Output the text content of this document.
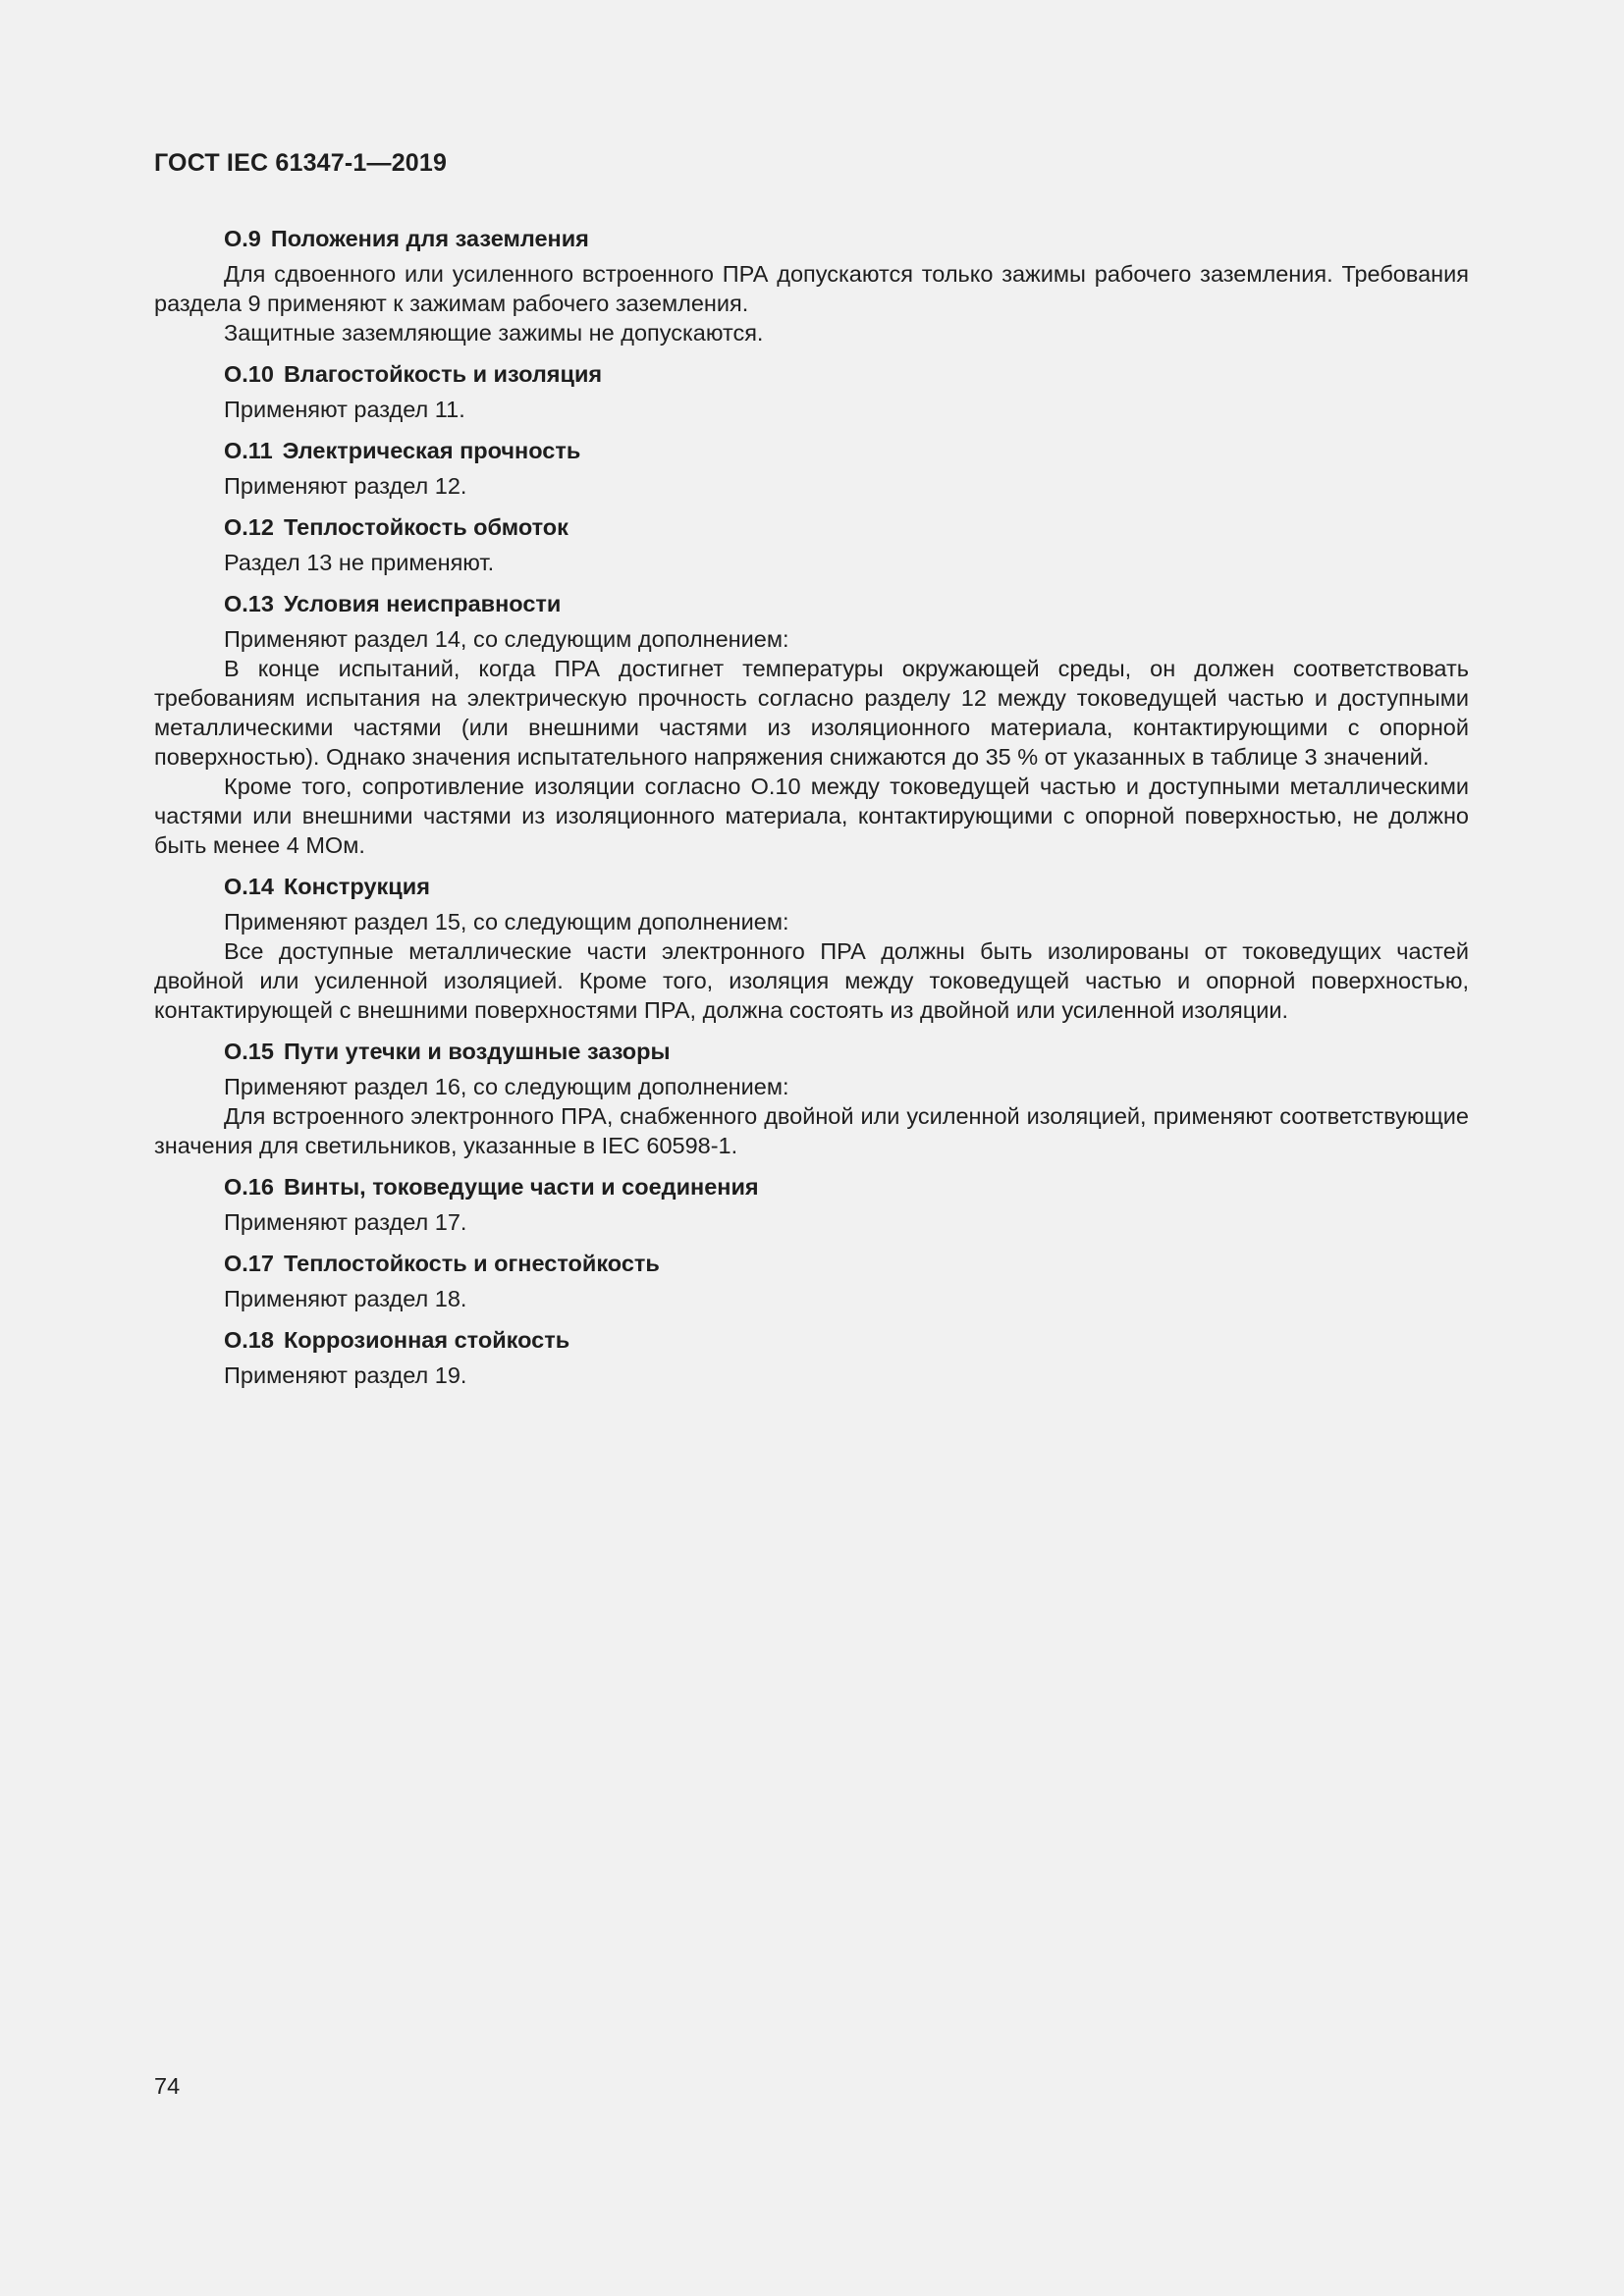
ГОСТ IEC 61347-1—2019
O.9 Положения для заземления

Для сдвоенного или усиленного встроенного ПРА допускаются только зажимы рабочего заземления. Требования раздела 9 применяют к зажимам рабочего заземления.

Защитные заземляющие зажимы не допускаются.

O.10 Влагостойкость и изоляция

Применяют раздел 11.

O.11 Электрическая прочность

Применяют раздел 12.

O.12 Теплостойкость обмоток

Раздел 13 не применяют.

O.13 Условия неисправности

Применяют раздел 14, со следующим дополнением:

В конце испытаний, когда ПРА достигнет температуры окружающей среды, он должен соответствовать требованиям испытания на электрическую прочность согласно разделу 12 между токоведущей частью и доступными металлическими частями (или внешними частями из изоляционного материала, контактирующими с опорной поверхностью). Однако значения испытательного напряжения снижаются до 35 % от указанных в таблице 3 значений.

Кроме того, сопротивление изоляции согласно O.10 между токоведущей частью и доступными металлическими частями или внешними частями из изоляционного материала, контактирующими с опорной поверхностью, не должно быть менее 4 МОм.

O.14 Конструкция

Применяют раздел 15, со следующим дополнением:

Все доступные металлические части электронного ПРА должны быть изолированы от токоведущих частей двойной или усиленной изоляцией. Кроме того, изоляция между токоведущей частью и опорной поверхностью, контактирующей с внешними поверхностями ПРА, должна состоять из двойной или усиленной изоляции.

O.15 Пути утечки и воздушные зазоры

Применяют раздел 16, со следующим дополнением:

Для встроенного электронного ПРА, снабженного двойной или усиленной изоляцией, применяют соответствующие значения для светильников, указанные в IEC 60598-1.

O.16 Винты, токоведущие части и соединения

Применяют раздел 17.

O.17 Теплостойкость и огнестойкость

Применяют раздел 18.

O.18 Коррозионная стойкость

Применяют раздел 19.

74
